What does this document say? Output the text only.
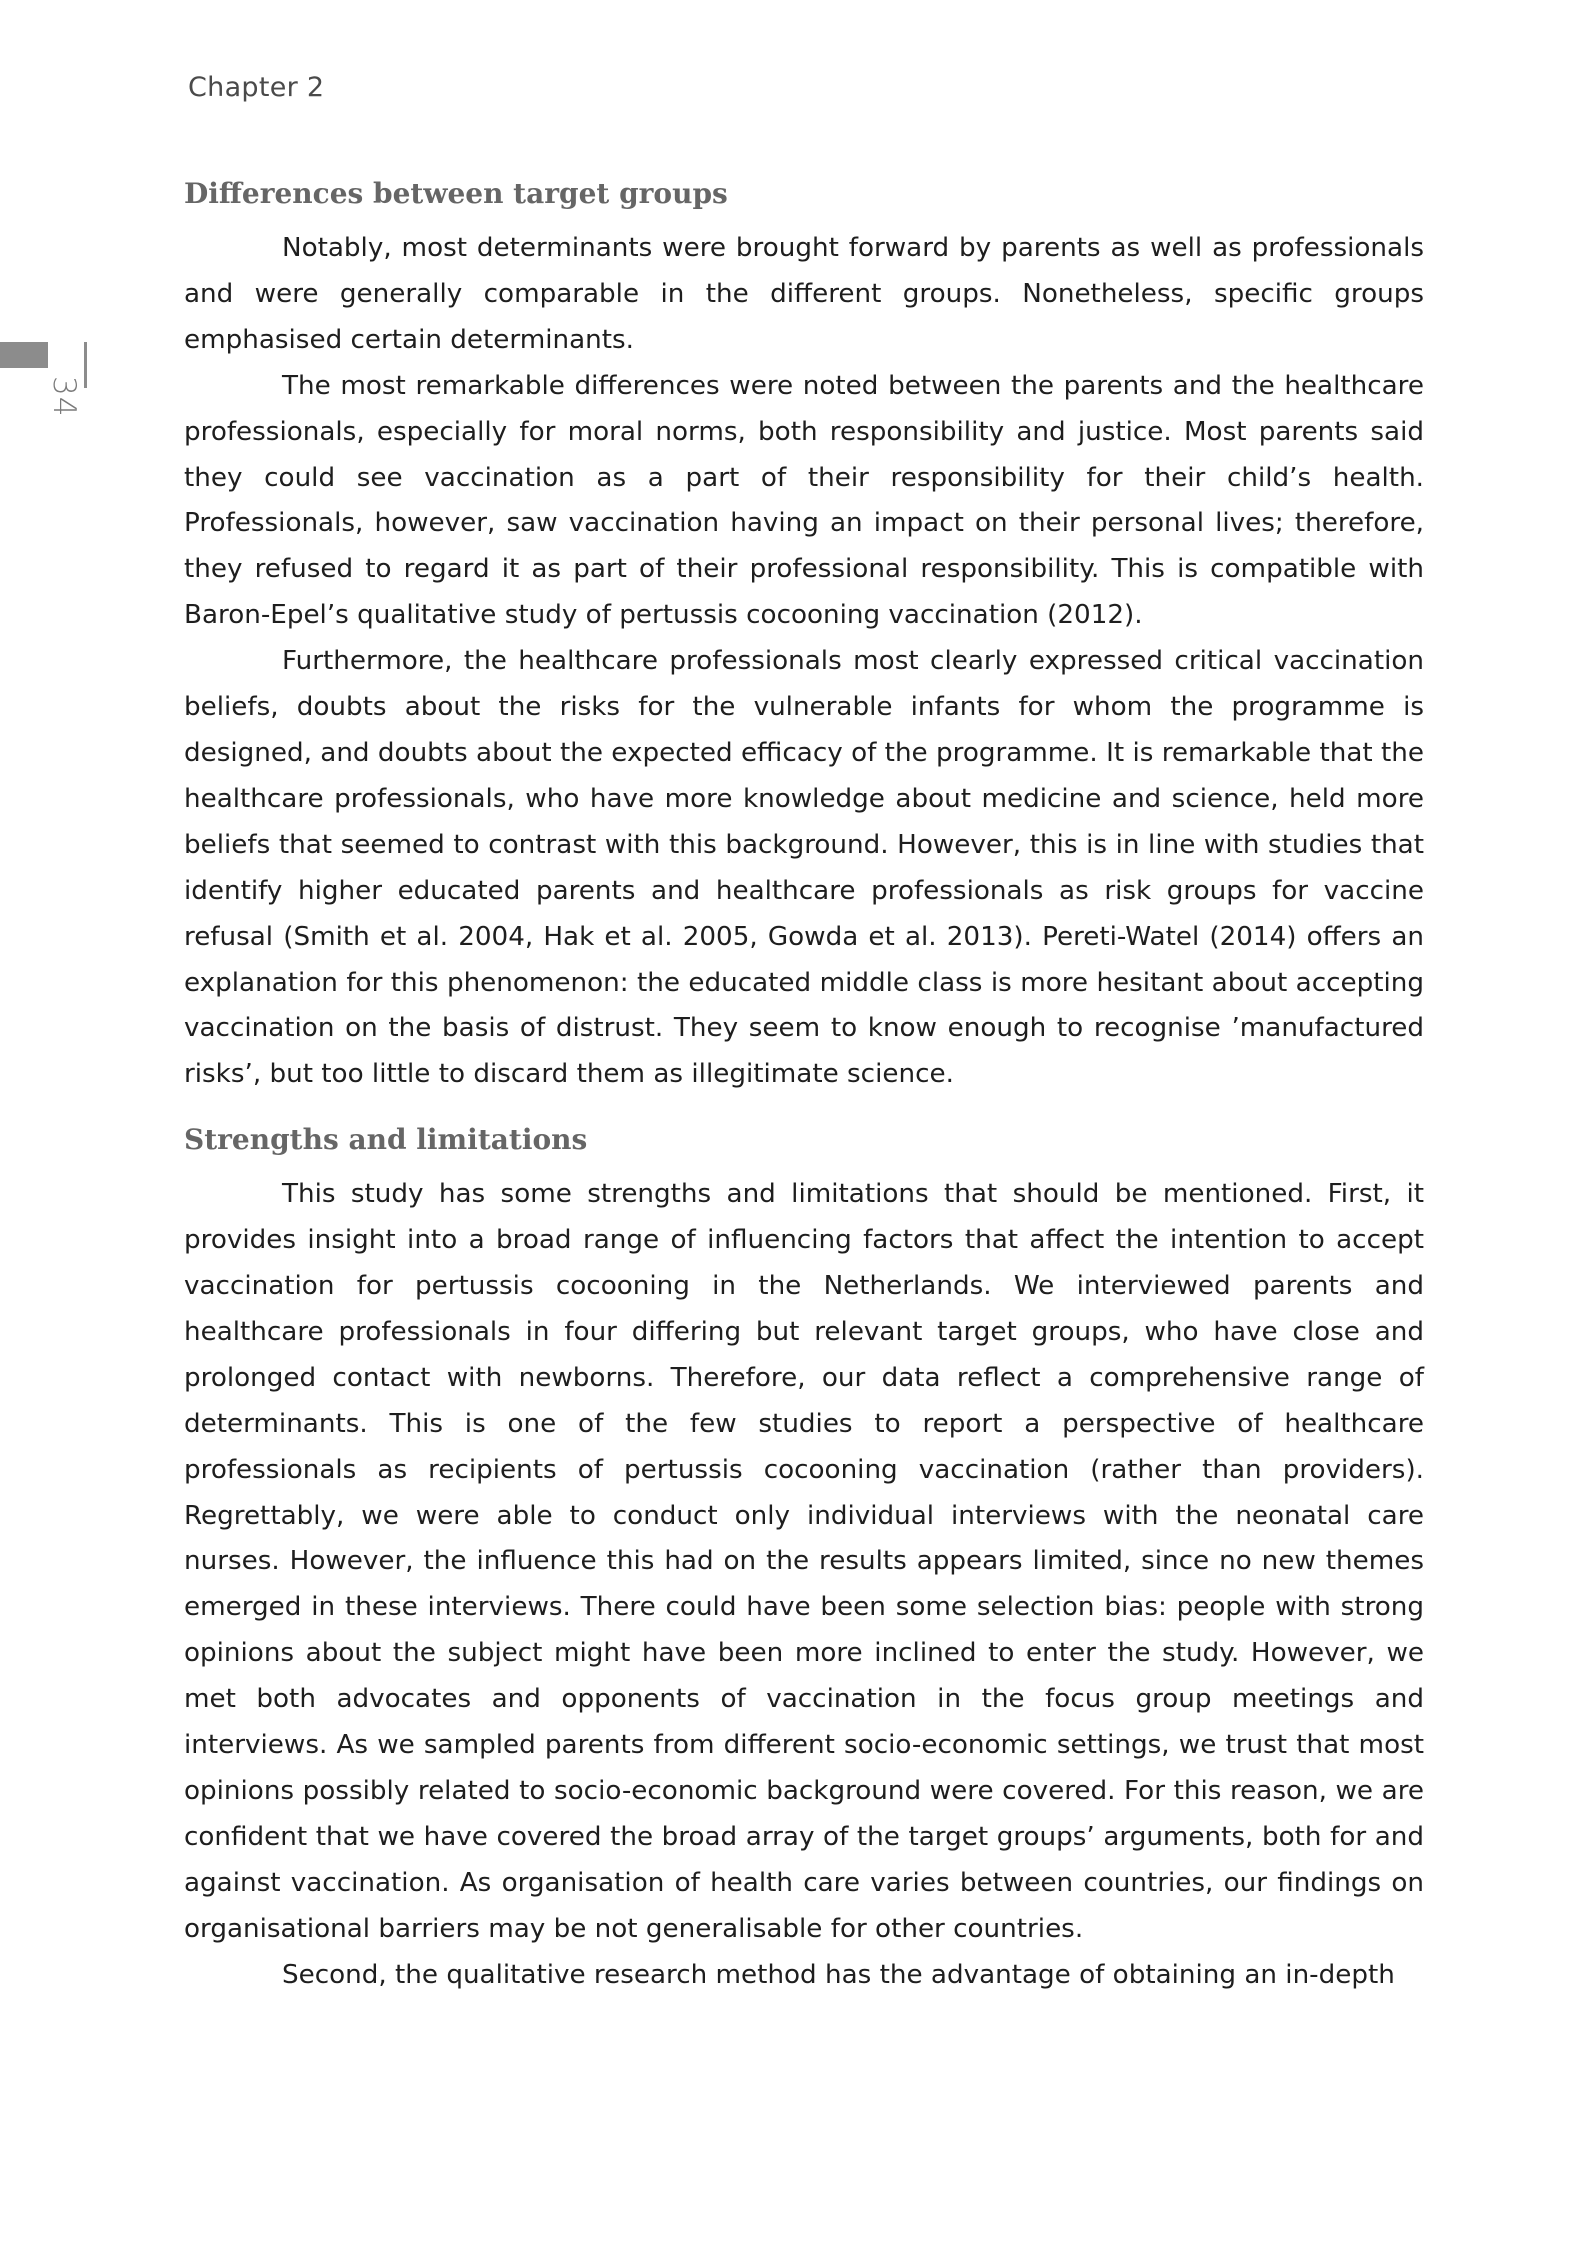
Chapter 2
34
Differences between target groups

Notably, most determinants were brought forward by parents as well as professionals and were generally comparable in the different groups. Nonetheless, specific groups emphasised certain determinants.

The most remarkable differences were noted between the parents and the healthcare professionals, especially for moral norms, both responsibility and justice. Most parents said they could see vaccination as a part of their responsibility for their child’s health. Professionals, however, saw vaccination having an impact on their personal lives; therefore, they refused to regard it as part of their professional responsibility. This is compatible with Baron-Epel’s qualitative study of pertussis cocooning vaccination (2012).

Furthermore, the healthcare professionals most clearly expressed critical vaccination beliefs, doubts about the risks for the vulnerable infants for whom the programme is designed, and doubts about the expected efficacy of the programme. It is remarkable that the healthcare professionals, who have more knowledge about medicine and science, held more beliefs that seemed to contrast with this background. However, this is in line with studies that identify higher educated parents and healthcare professionals as risk groups for vaccine refusal (Smith et al. 2004, Hak et al. 2005, Gowda et al. 2013). Pereti-Watel (2014) offers an explanation for this phenomenon: the educated middle class is more hesitant about accepting vaccination on the basis of distrust. They seem to know enough to recognise ’manufactured risks’, but too little to discard them as illegitimate science.

Strengths and limitations

This study has some strengths and limitations that should be mentioned. First, it provides insight into a broad range of influencing factors that affect the intention to accept vaccination for pertussis cocooning in the Netherlands. We interviewed parents and healthcare professionals in four differing but relevant target groups, who have close and prolonged contact with newborns. Therefore, our data reflect a comprehensive range of determinants. This is one of the few studies to report a perspective of healthcare professionals as recipients of pertussis cocooning vaccination (rather than providers). Regrettably, we were able to conduct only individual interviews with the neonatal care nurses. However, the influence this had on the results appears limited, since no new themes emerged in these interviews. There could have been some selection bias: people with strong opinions about the subject might have been more inclined to enter the study. However, we met both advocates and opponents of vaccination in the focus group meetings and interviews. As we sampled parents from different socio-economic settings, we trust that most opinions possibly related to socio-economic background were covered. For this reason, we are confident that we have covered the broad array of the target groups’ arguments, both for and against vaccination. As organisation of health care varies between countries, our findings on organisational barriers may be not generalisable for other countries.

Second, the qualitative research method has the advantage of obtaining an in-depth
